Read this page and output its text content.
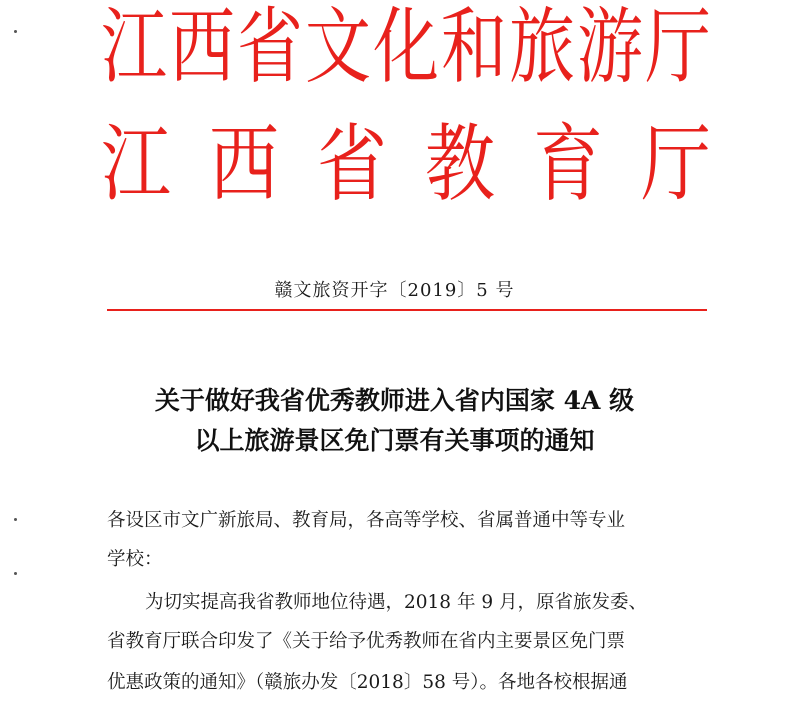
江 西 省 文 化 和 旅 游 厅
江 西 省 教 育 厅
赣文旅资开字〔2019〕5 号
关于做好我省优秀教师进入省内国家 4A 级
以上旅游景区免门票有关事项的通知
各设区市文广新旅局、教育局，各高等学校、省属普通中等专业
学校：
为切实提高我省教师地位待遇，2018 年 9 月，原省旅发委、
省教育厅联合印发了《关于给予优秀教师在省内主要景区免门票
优惠政策的通知》（赣旅办发〔2018〕58 号）。各地各校根据通
